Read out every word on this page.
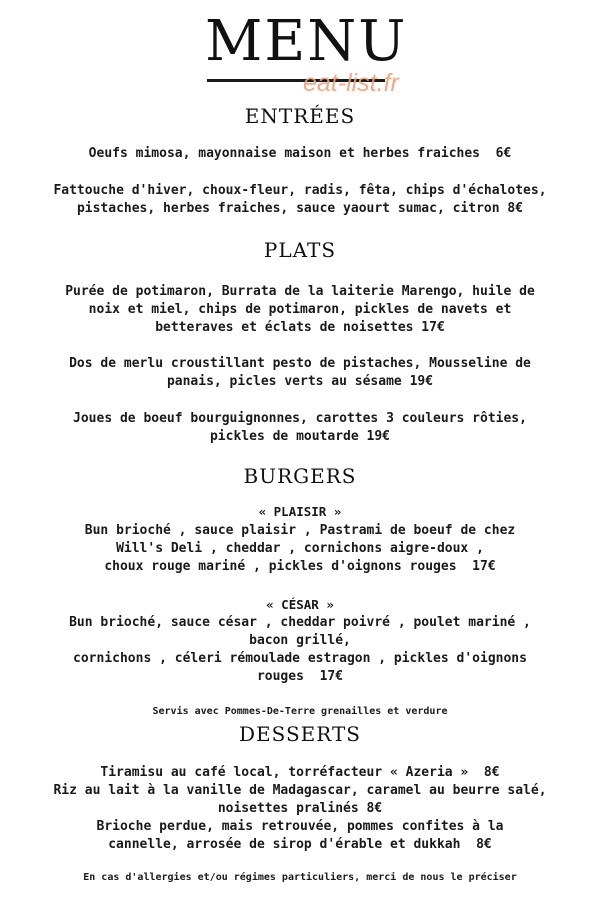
MENU
eat-list.fr
ENTRÉES
Oeufs mimosa, mayonnaise maison et herbes fraiches  6€
Fattouche d'hiver, choux-fleur, radis, fêta, chips d'échalotes,
pistaches, herbes fraiches, sauce yaourt sumac, citron 8€
PLATS
Purée de potimaron, Burrata de la laiterie Marengo, huile de
noix et miel, chips de potimaron, pickles de navets et
betteraves et éclats de noisettes 17€
Dos de merlu croustillant pesto de pistaches, Mousseline de
panais, picles verts au sésame 19€
Joues de boeuf bourguignonnes, carottes 3 couleurs rôties,
pickles de moutarde 19€
BURGERS
« PLAISIR »
Bun brioché , sauce plaisir , Pastrami de boeuf de chez
Will's Deli , cheddar , cornichons aigre-doux ,
choux rouge mariné , pickles d'oignons rouges  17€
« CÉSAR »
Bun brioché, sauce césar , cheddar poivré , poulet mariné ,
bacon grillé,
cornichons , céleri rémoulade estragon , pickles d'oignons
rouges  17€
Servis avec Pommes-De-Terre grenailles et verdure
DESSERTS
Tiramisu au café local, torréfacteur « Azeria »  8€
Riz au lait à la vanille de Madagascar, caramel au beurre salé,
noisettes pralinés 8€
Brioche perdue, mais retrouvée, pommes confites à la
cannelle, arrosée de sirop d'érable et dukkah  8€
En cas d'allergies et/ou régimes particuliers, merci de nous le préciser
